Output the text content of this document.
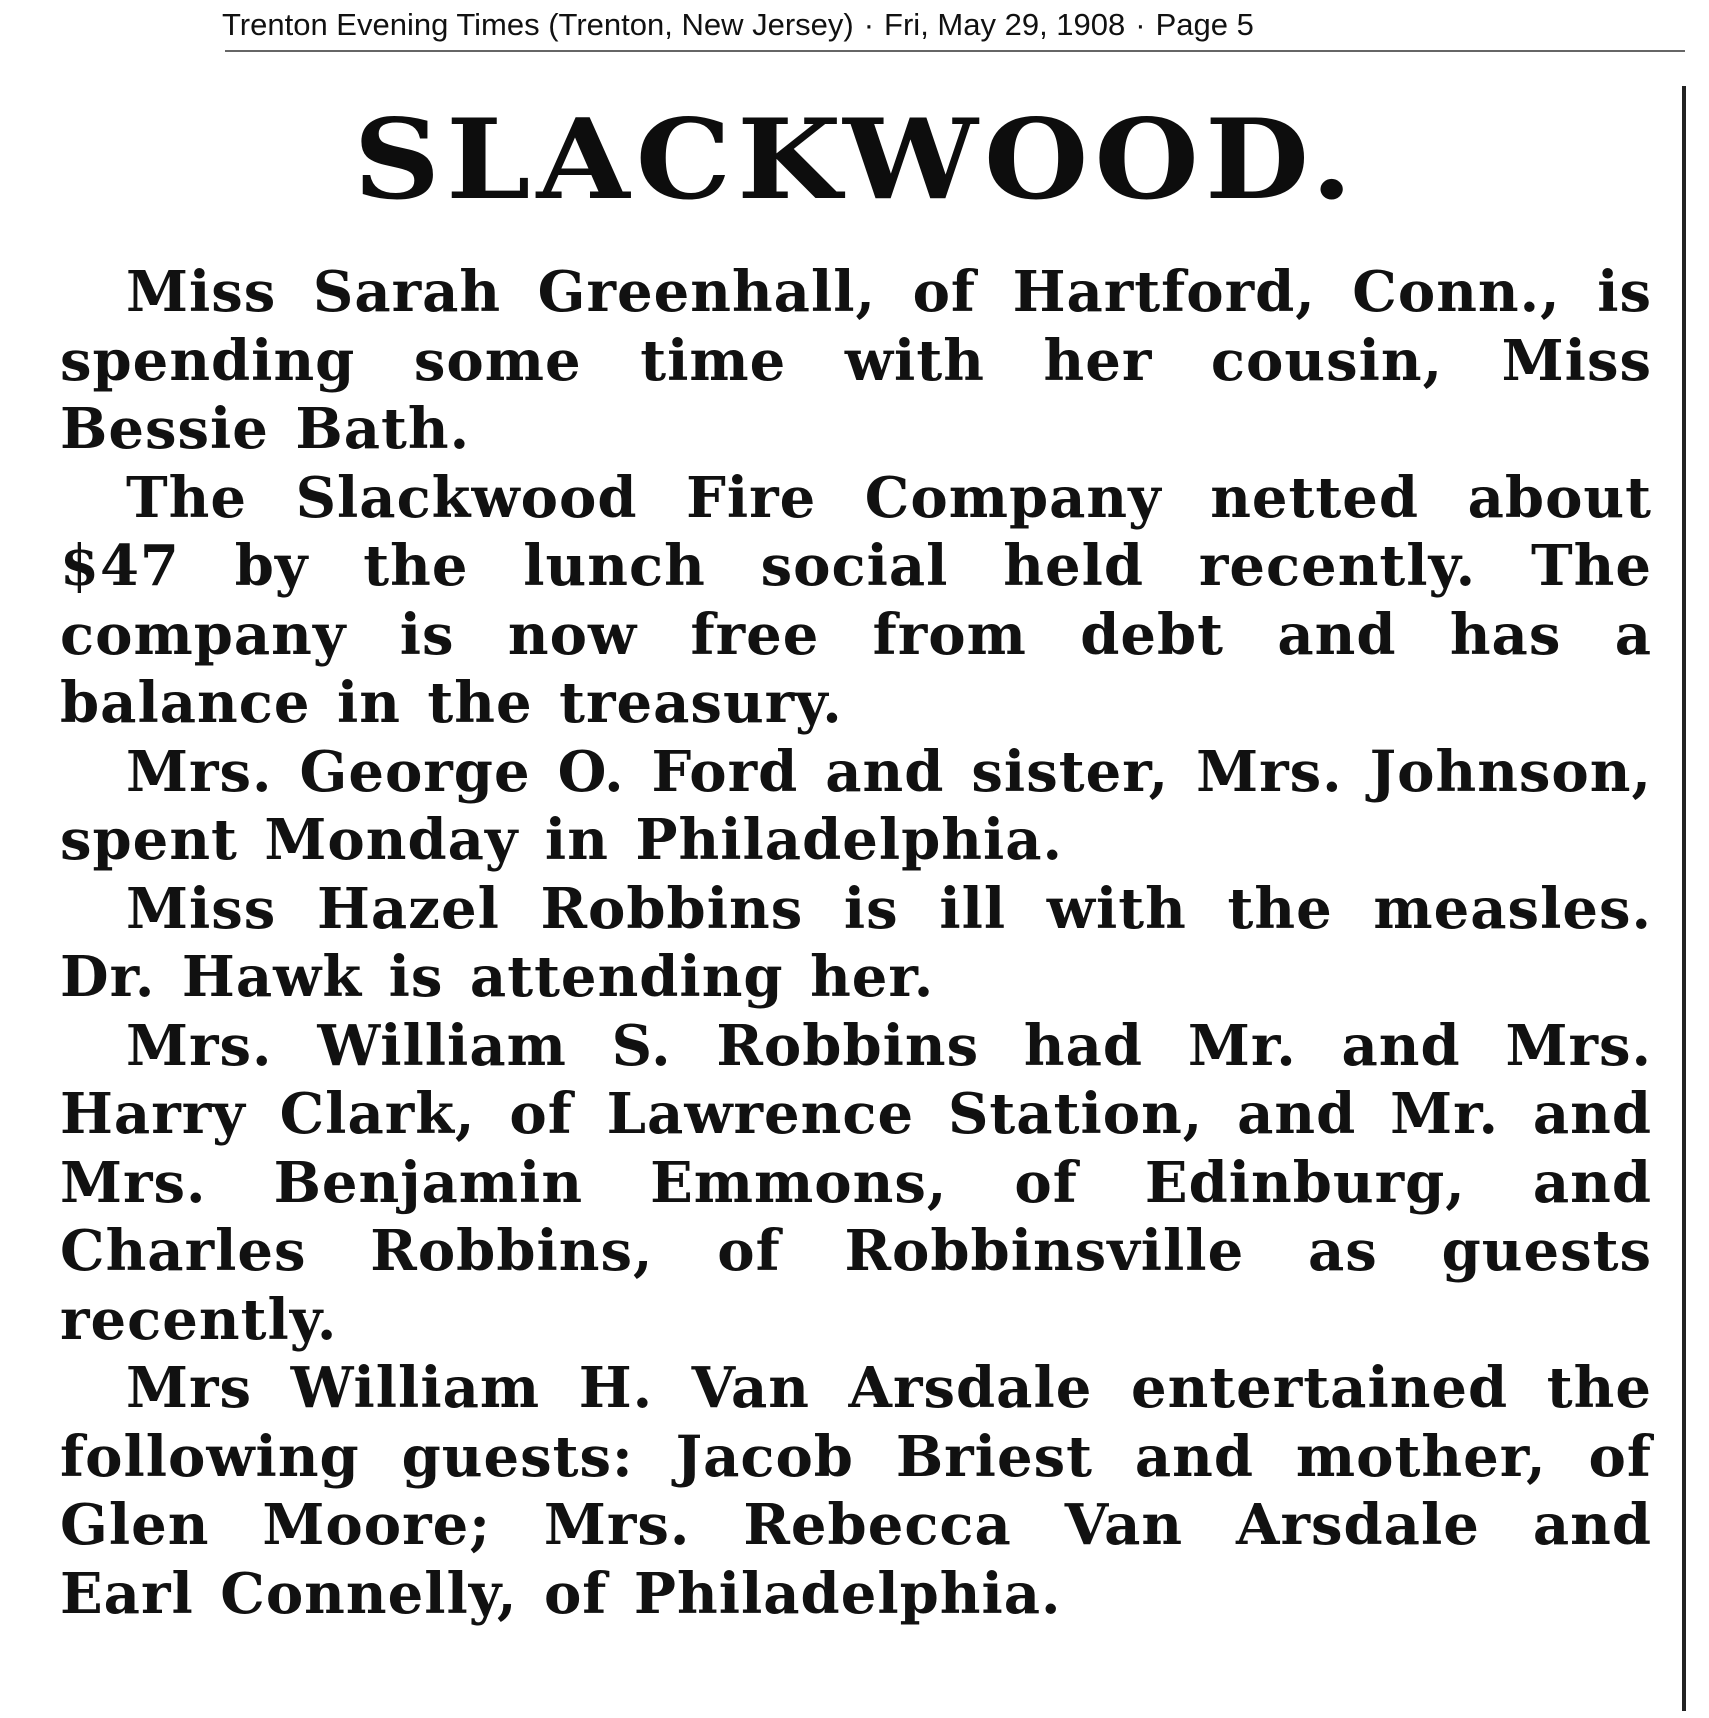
Trenton Evening Times (Trenton, New Jersey) · Fri, May 29, 1908 · Page 5
SLACKWOOD.

Miss Sarah Greenhall, of Hartford, Conn., is spending some time with her cousin, Miss Bessie Bath.

The Slackwood Fire Company netted about $47 by the lunch social held recently. The company is now free from debt and has a balance in the treasury.

Mrs. George O. Ford and sister, Mrs. Johnson, spent Monday in Philadelphia.

Miss Hazel Robbins is ill with the measles. Dr. Hawk is attending her.

Mrs. William S. Robbins had Mr. and Mrs. Harry Clark, of Lawrence Station, and Mr. and Mrs. Benjamin Emmons, of Edinburg, and Charles Robbins, of Robbinsville as guests recently.

Mrs William H. Van Arsdale entertained the following guests: Jacob Briest and mother, of Glen Moore; Mrs. Rebecca Van Arsdale and Earl Connelly, of Philadelphia.
